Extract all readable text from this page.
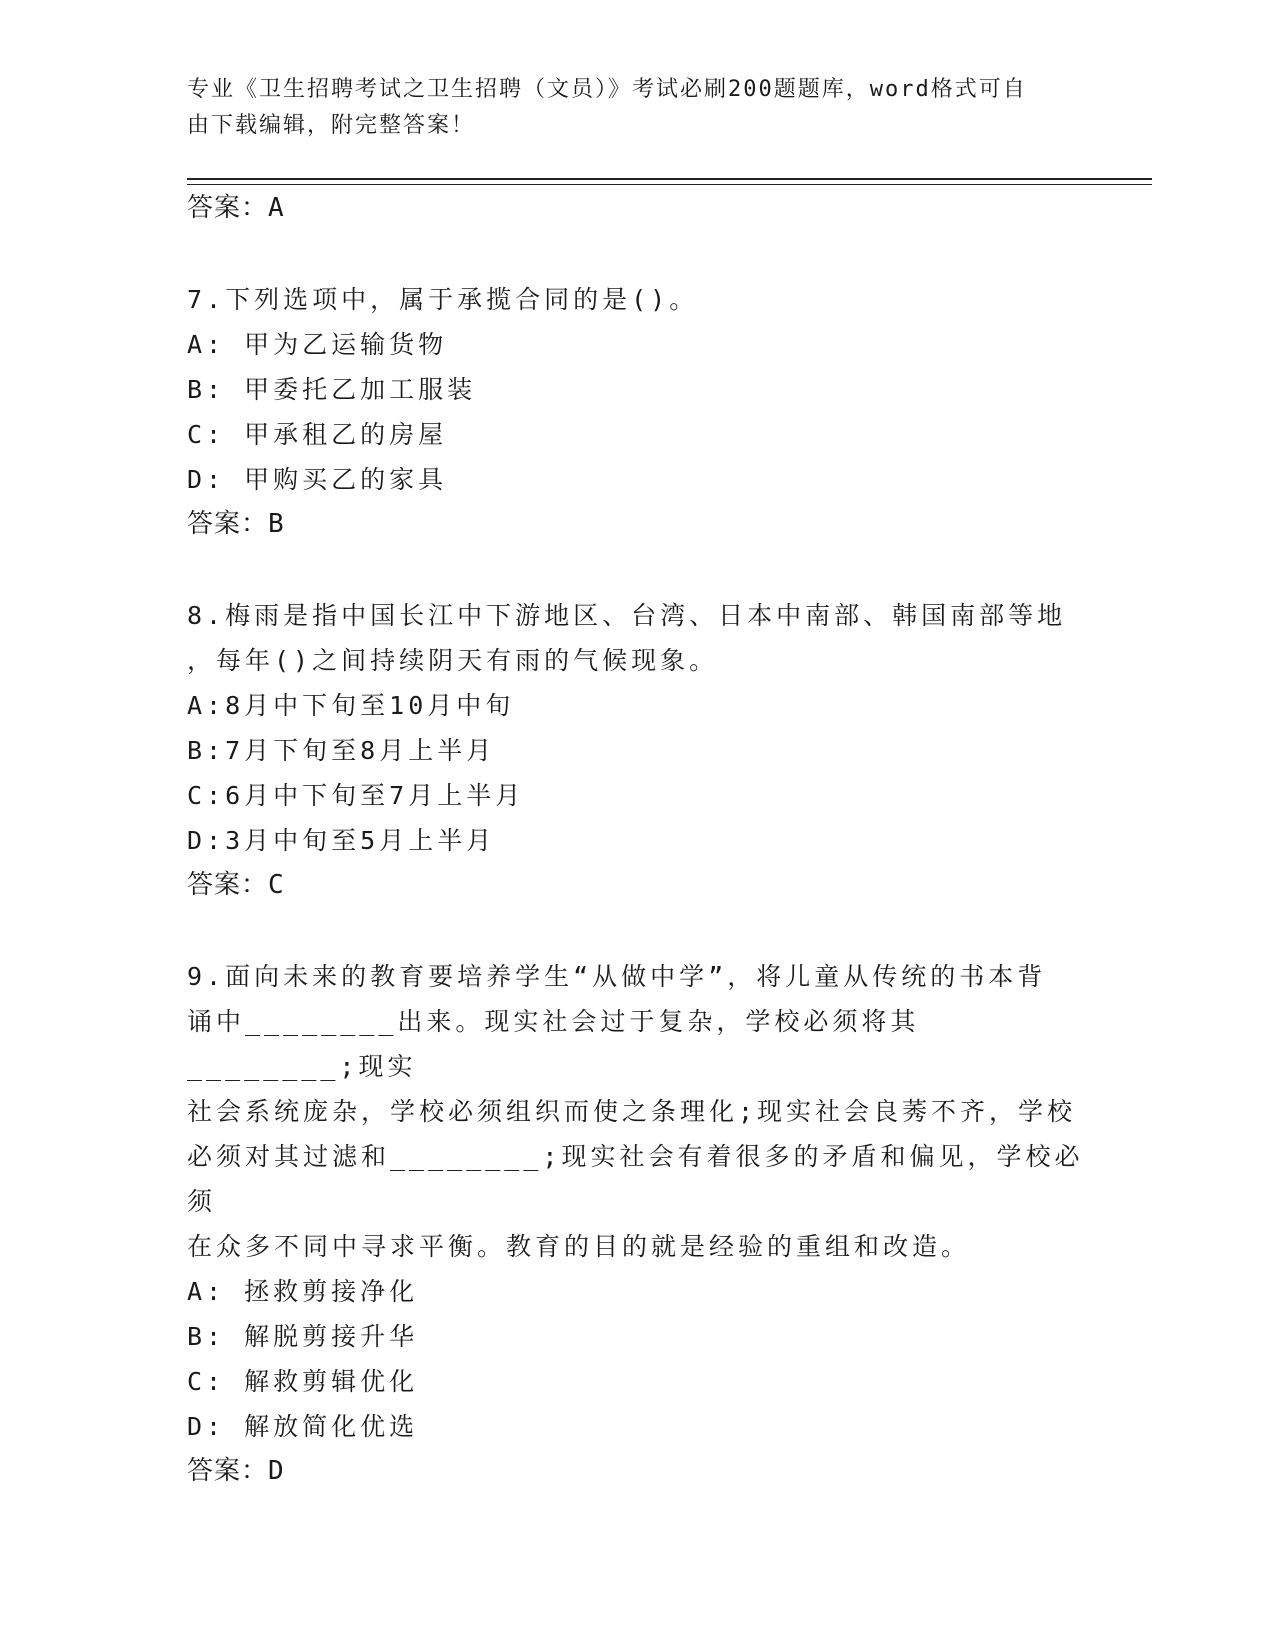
专业《卫生招聘考试之卫生招聘（文员）》考试必刷200题题库，word格式可自
由下载编辑，附完整答案！
答案：A
7.下列选项中，属于承揽合同的是()。
A: 甲为乙运输货物
B: 甲委托乙加工服装
C: 甲承租乙的房屋
D: 甲购买乙的家具
答案：B
8.梅雨是指中国长江中下游地区、台湾、日本中南部、韩国南部等地
，每年()之间持续阴天有雨的气候现象。
A:8月中下旬至10月中旬
B:7月下旬至8月上半月
C:6月中下旬至7月上半月
D:3月中旬至5月上半月
答案：C
9.面向未来的教育要培养学生“从做中学”，将儿童从传统的书本背
诵中________出来。现实社会过于复杂，学校必须将其________;现实
社会系统庞杂，学校必须组织而使之条理化;现实社会良莠不齐，学校
必须对其过滤和________;现实社会有着很多的矛盾和偏见，学校必须
在众多不同中寻求平衡。教育的目的就是经验的重组和改造。
A: 拯救剪接净化
B: 解脱剪接升华
C: 解救剪辑优化
D: 解放简化优选
答案：D
